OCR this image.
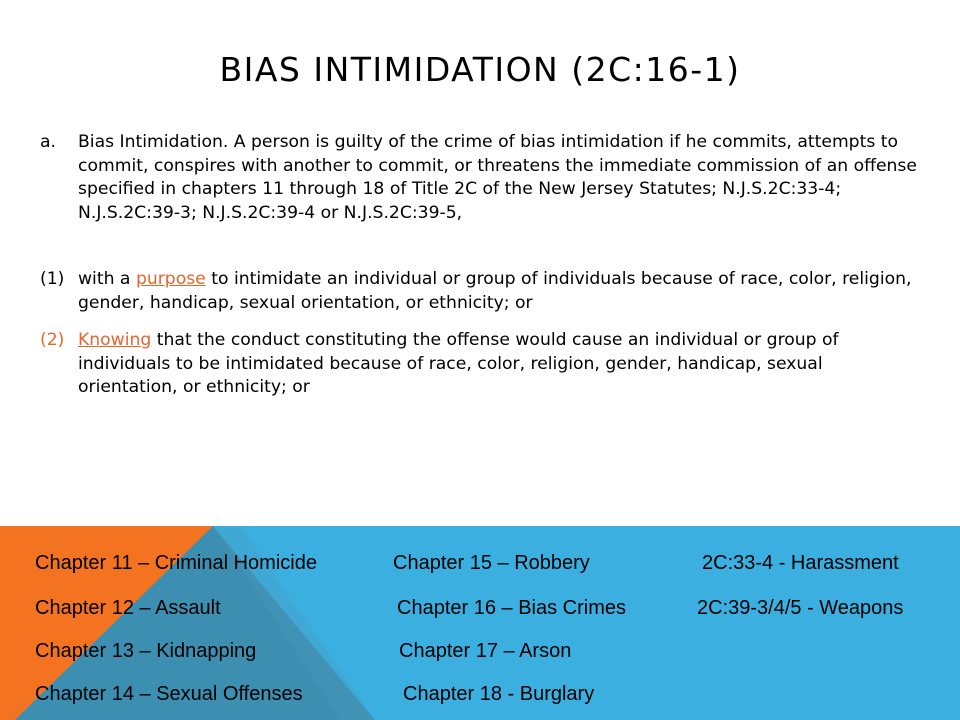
BIAS INTIMIDATION (2C:16-1)
a.	Bias Intimidation. A person is guilty of the crime of bias intimidation if he commits, attempts to commit, conspires with another to commit, or threatens the immediate commission of an offense specified in chapters 11 through 18 of Title 2C of the New Jersey Statutes; N.J.S.2C:33-4; N.J.S.2C:39-3; N.J.S.2C:39-4 or N.J.S.2C:39-5,
(1) with a purpose to intimidate an individual or group of individuals because of race, color, religion, gender, handicap, sexual orientation, or ethnicity; or
(2) Knowing that the conduct constituting the offense would cause an individual or group of individuals to be intimidated because of race, color, religion, gender, handicap, sexual orientation, or ethnicity; or
Chapter 11 – Criminal Homicide
Chapter 12 – Assault
Chapter 13 – Kidnapping
Chapter 14 – Sexual Offenses
Chapter 15 – Robbery
Chapter 16 – Bias Crimes
Chapter 17 – Arson
Chapter 18 - Burglary
2C:33-4 - Harassment
2C:39-3/4/5 - Weapons
